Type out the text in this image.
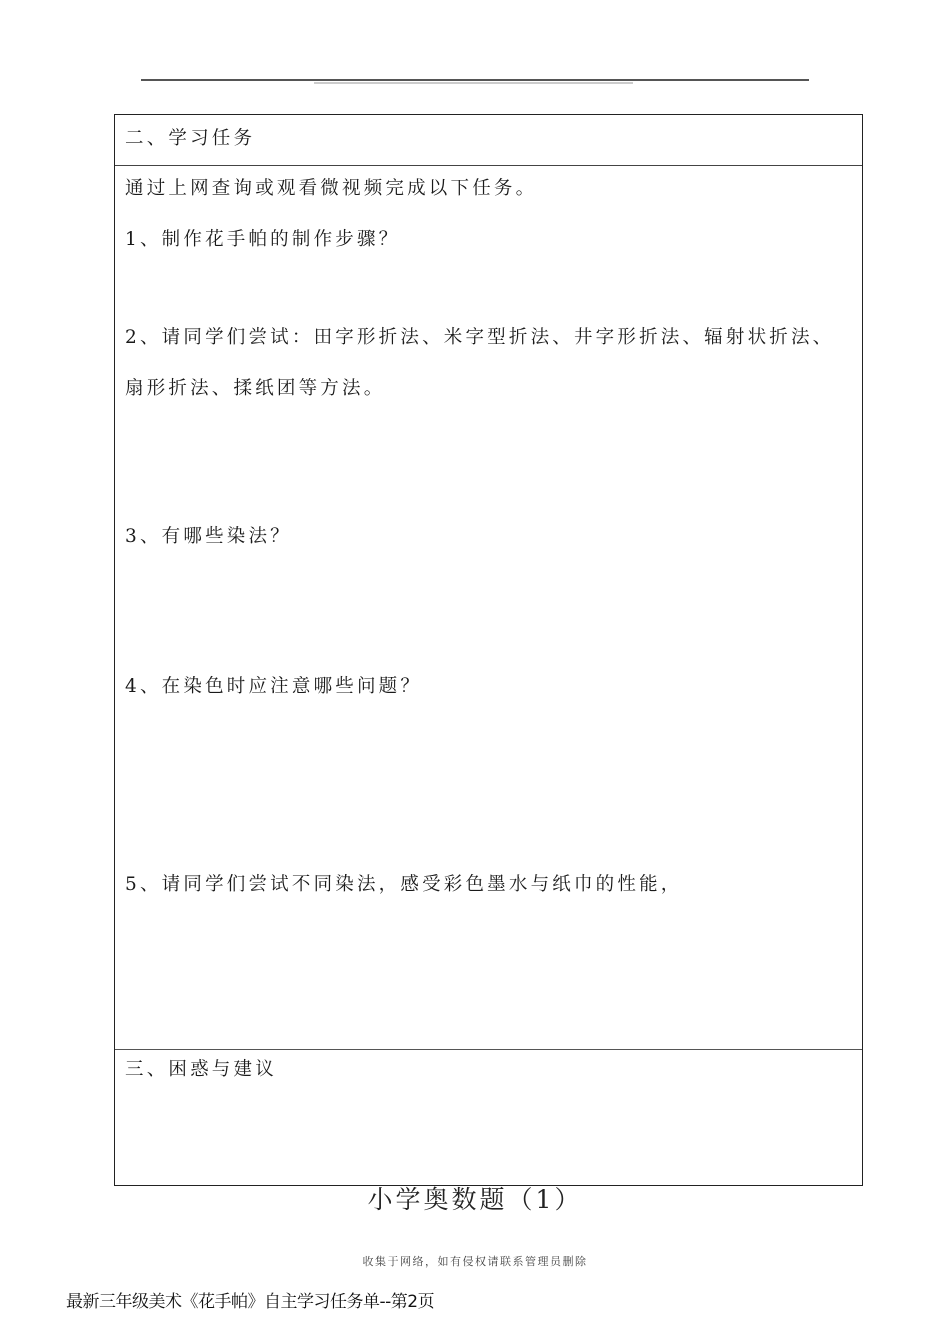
二、学习任务
通过上网查询或观看微视频完成以下任务。
1、制作花手帕的制作步骤？
2、请同学们尝试：田字形折法、米字型折法、井字形折法、辐射状折法、
扇形折法、揉纸团等方法。
3、有哪些染法？
4、在染色时应注意哪些问题？
5、请同学们尝试不同染法，感受彩色墨水与纸巾的性能，
三、困惑与建议
小学奥数题（1）
收集于网络，如有侵权请联系管理员删除
最新三年级美术《花手帕》自主学习任务单--第2页
